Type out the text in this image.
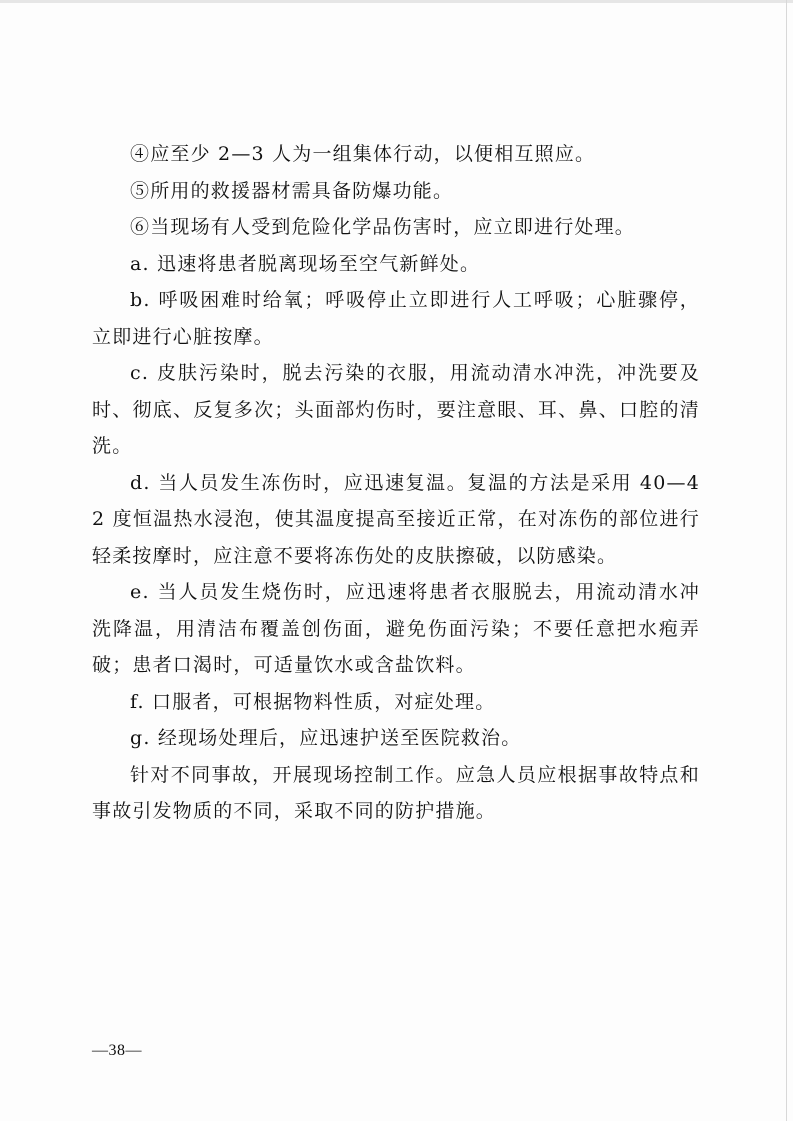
④应至少 2—3 人为一组集体行动，以便相互照应。

⑤所用的救援器材需具备防爆功能。

⑥当现场有人受到危险化学品伤害时，应立即进行处理。

a. 迅速将患者脱离现场至空气新鲜处。

b. 呼吸困难时给氧；呼吸停止立即进行人工呼吸；心脏骤停，立即进行心脏按摩。

c. 皮肤污染时，脱去污染的衣服，用流动清水冲洗，冲洗要及时、彻底、反复多次；头面部灼伤时，要注意眼、耳、鼻、口腔的清洗。

d. 当人员发生冻伤时，应迅速复温。复温的方法是采用 40—42 度恒温热水浸泡，使其温度提高至接近正常，在对冻伤的部位进行轻柔按摩时，应注意不要将冻伤处的皮肤擦破，以防感染。

e. 当人员发生烧伤时，应迅速将患者衣服脱去，用流动清水冲洗降温，用清洁布覆盖创伤面，避免伤面污染；不要任意把水疱弄破；患者口渴时，可适量饮水或含盐饮料。

f. 口服者，可根据物料性质，对症处理。

g. 经现场处理后，应迅速护送至医院救治。

针对不同事故，开展现场控制工作。应急人员应根据事故特点和事故引发物质的不同，采取不同的防护措施。

—38—
